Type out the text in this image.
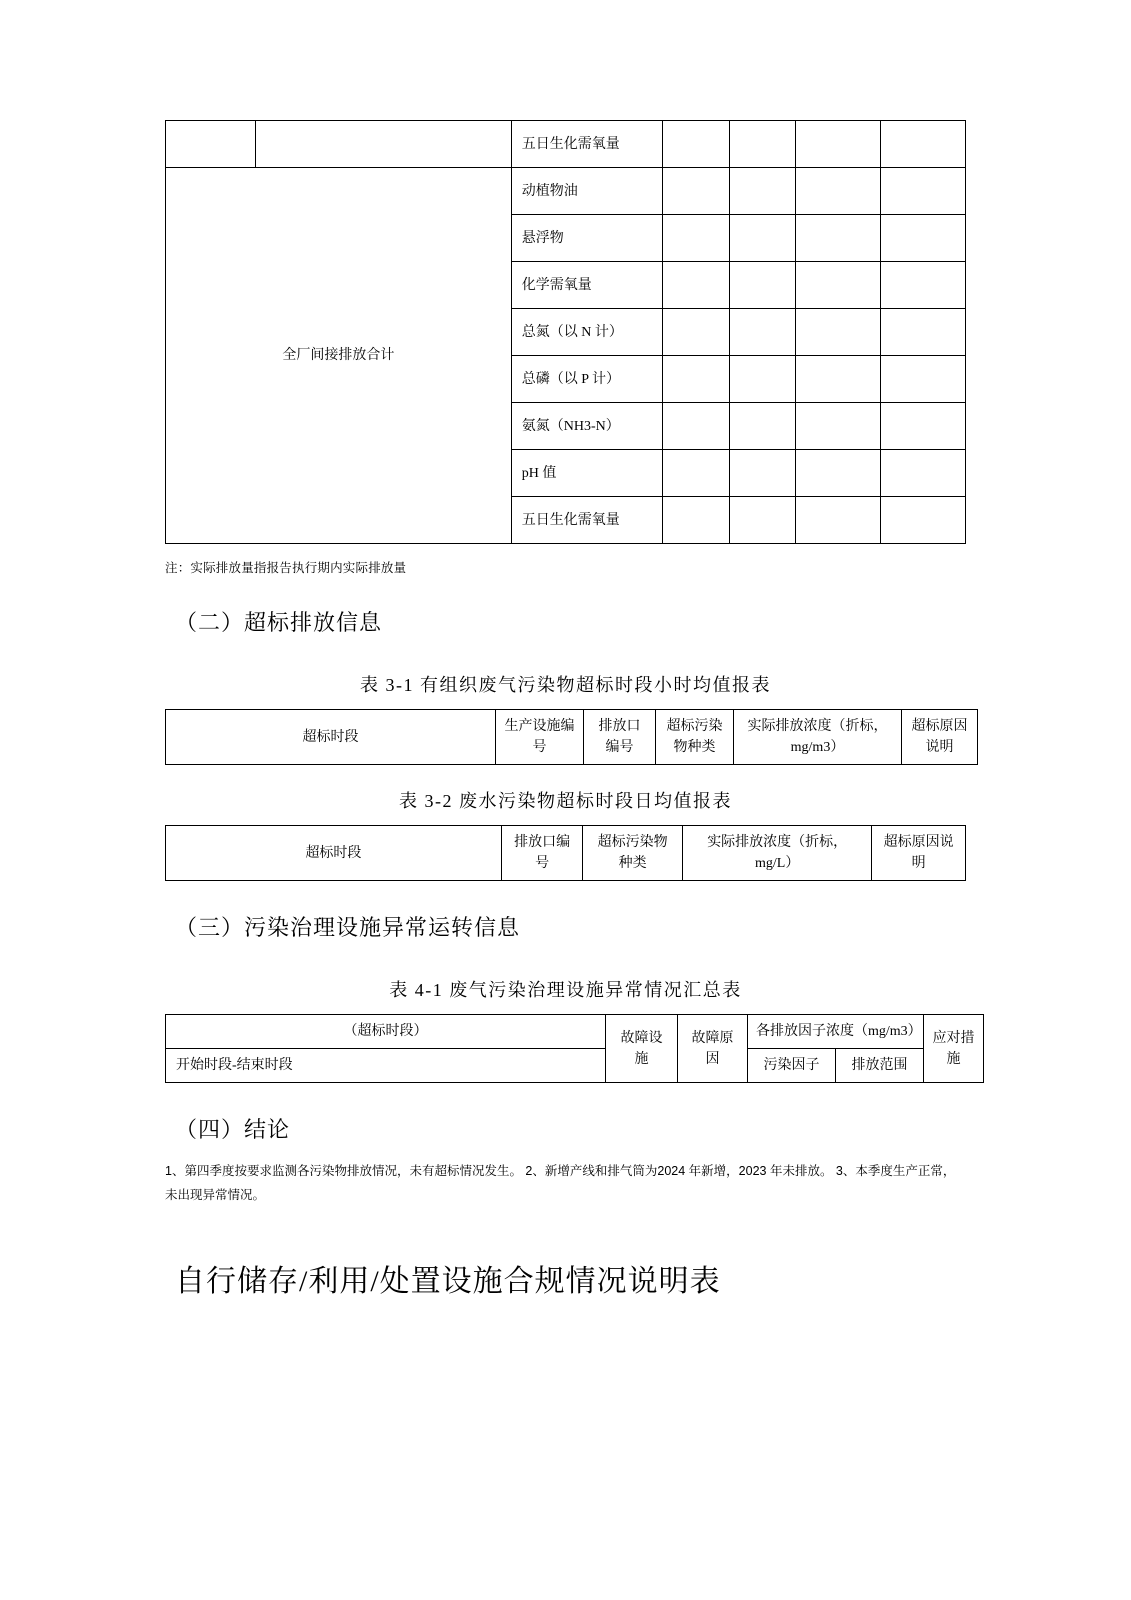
		五日生化需氧量				
全厂间接排放合计		动植物油				
		悬浮物				
		化学需氧量				
		总氮（以 N 计）				
		总磷（以 P 计）				
		氨氮（NH3-N）				
		pH 值				
		五日生化需氧量				
注：实际排放量指报告执行期内实际排放量
（二）超标排放信息
表 3-1 有组织废气污染物超标时段小时均值报表
超标时段	生产设施编号	排放口编号	超标污染物种类	实际排放浓度（折标，mg/m3）	超标原因说明
表 3-2 废水污染物超标时段日均值报表
超标时段	排放口编号	超标污染物种类	实际排放浓度（折标，mg/L）	超标原因说明
（三）污染治理设施异常运转信息
表 4-1 废气污染治理设施异常情况汇总表
（超标时段）	故障设施	故障原因	各排放因子浓度（mg/m3）		应对措施
开始时段-结束时段			污染因子	排放范围	
（四）结论
1、第四季度按要求监测各污染物排放情况，未有超标情况发生。 2、新增产线和排气筒为2024 年新增，2023 年未排放。 3、本季度生产正常，未出现异常情况。
自行储存/利用/处置设施合规情况说明表
